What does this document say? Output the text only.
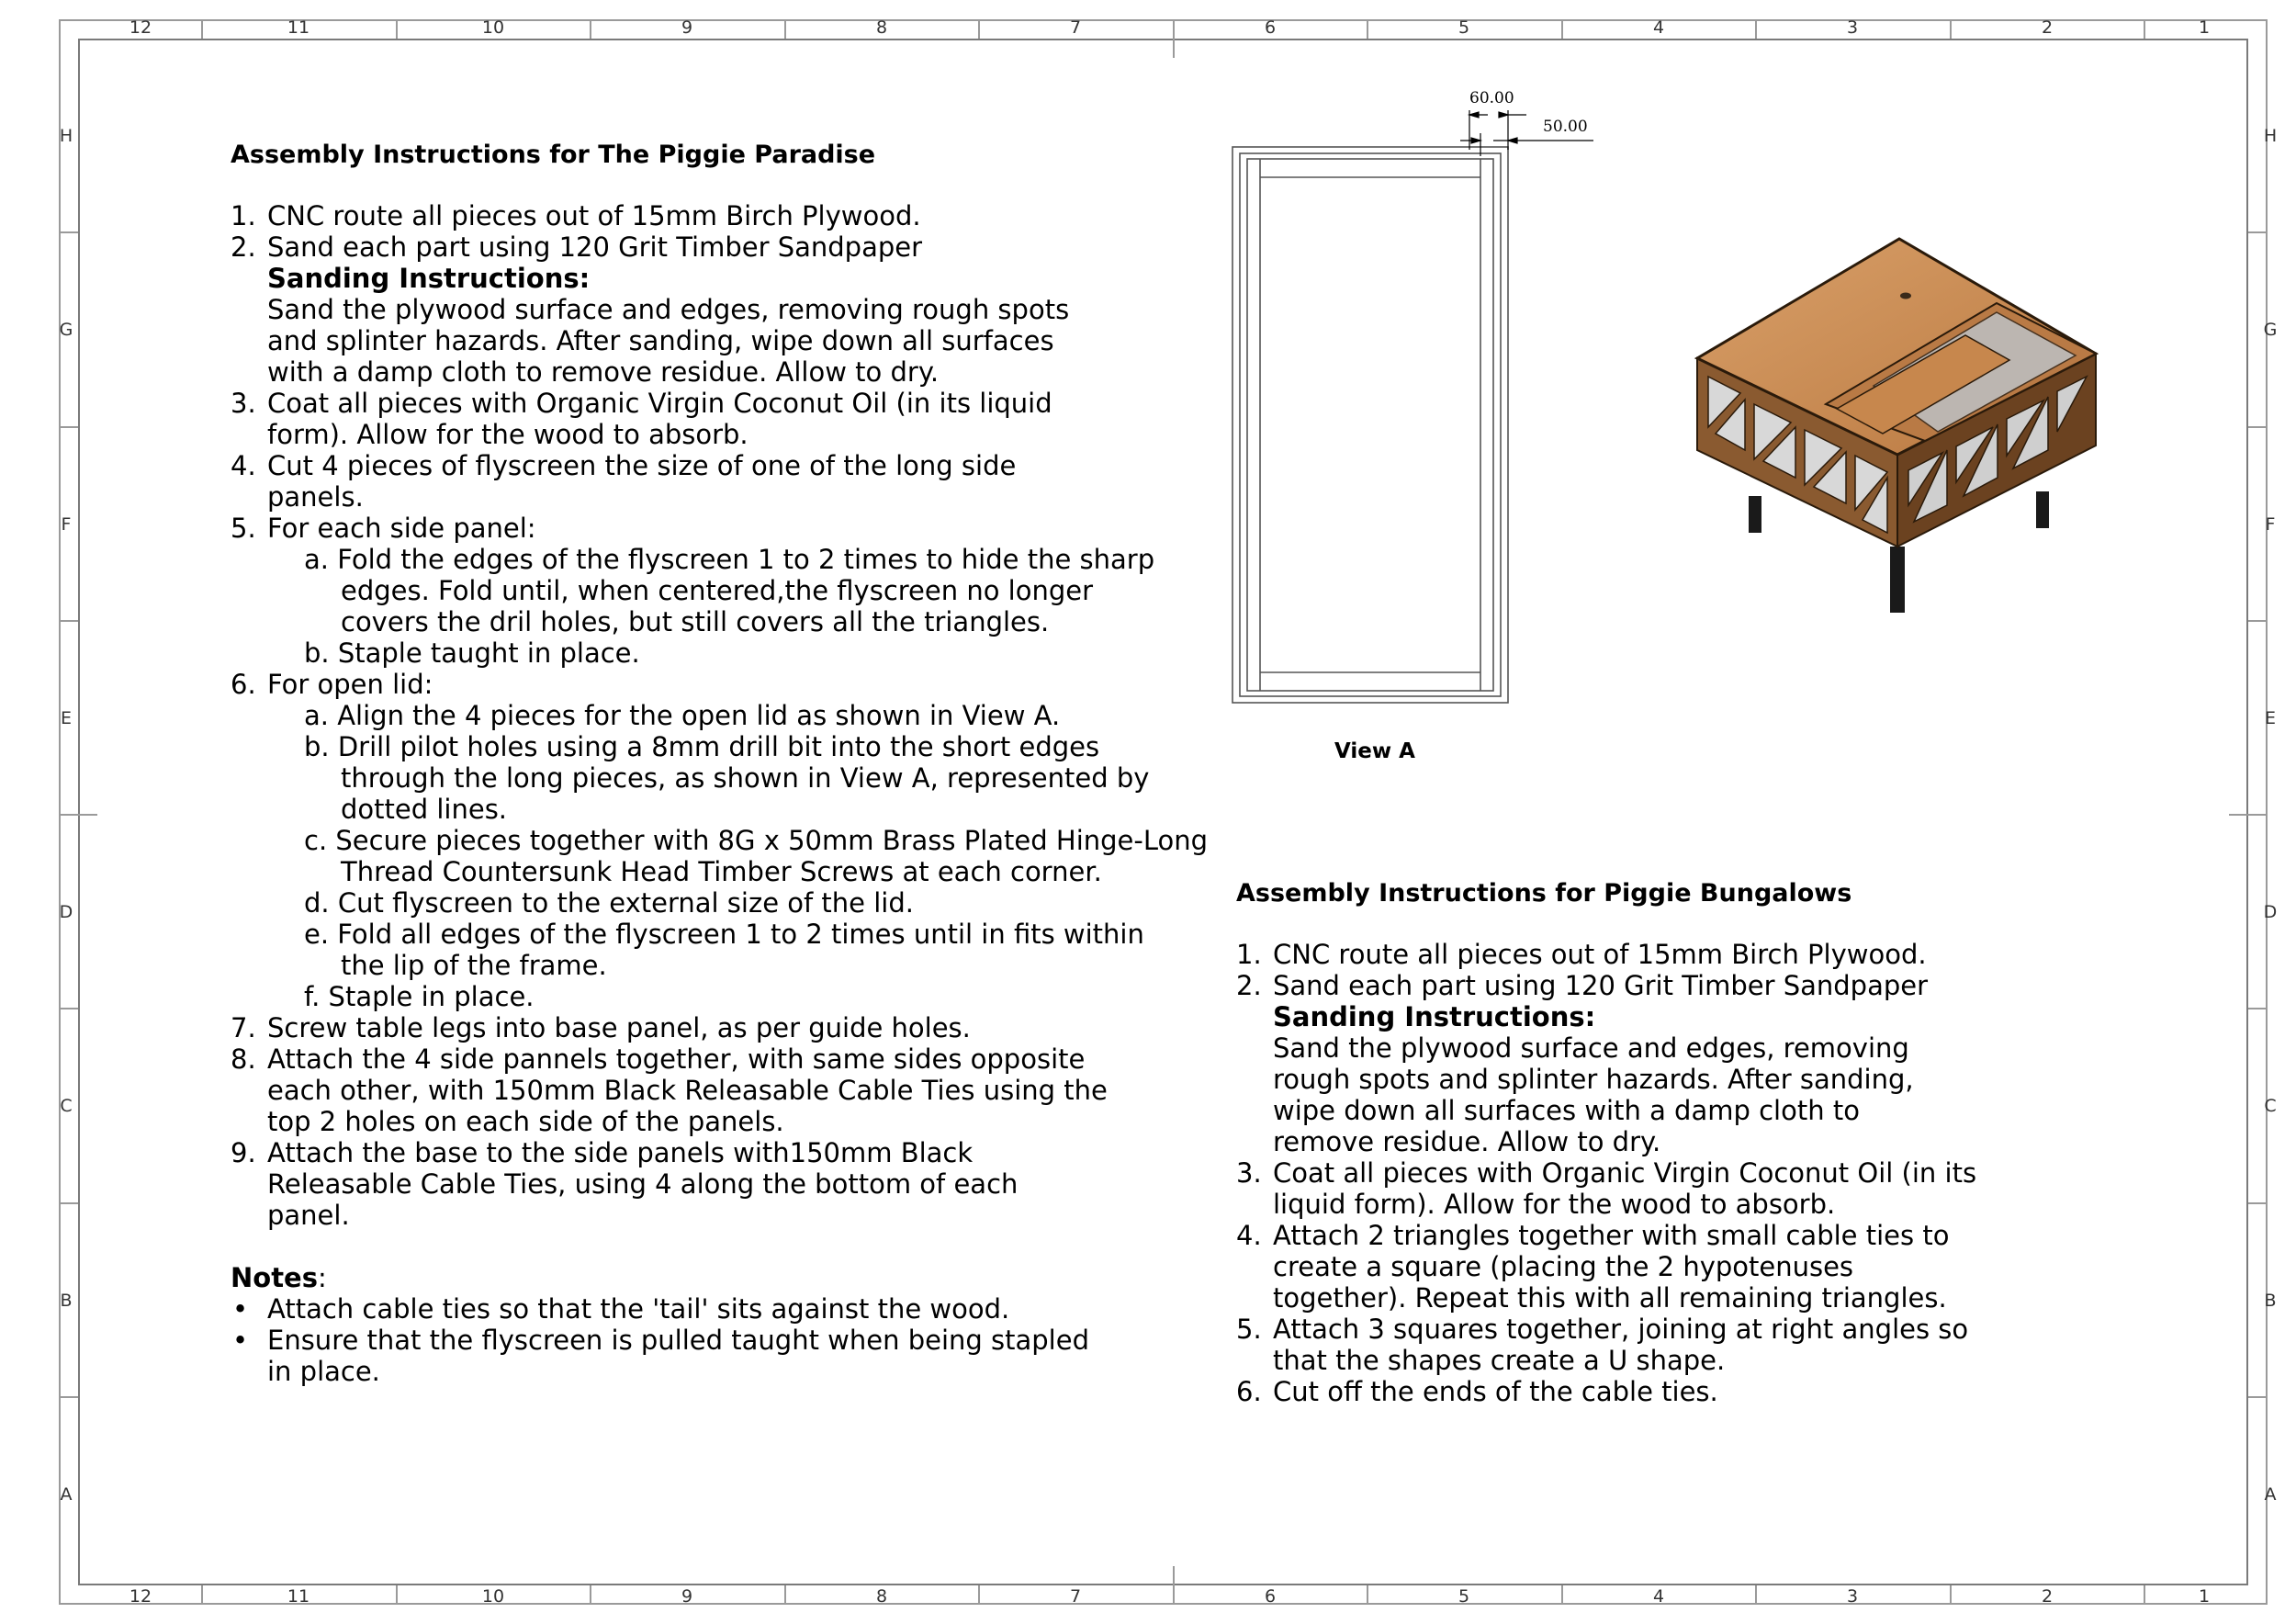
12	11	10	9	8	7	6	5	4	3	2	1
12	11	10	9	8	7	6	5	4	3	2	1
H
G
F
E
D
C
B
A
H
G
F
E
D
C
B
A

Assembly Instructions for The Piggie Paradise

1. CNC route all pieces out of 15mm Birch Plywood.
2. Sand each part using 120 Grit Timber Sandpaper
Sanding Instructions:
Sand the plywood surface and edges, removing rough spots and splinter hazards. After sanding, wipe down all surfaces with a damp cloth to remove residue. Allow to dry.
3. Coat all pieces with Organic Virgin Coconut Oil (in its liquid form). Allow for the wood to absorb.
4. Cut 4 pieces of flyscreen the size of one of the long side panels.
5. For each side panel:
a. Fold the edges of the flyscreen 1 to 2 times to hide the sharp edges. Fold until, when centered,the flyscreen no longer covers the dril holes, but still covers all the triangles.
b. Staple taught in place.
6. For open lid:
a. Align the 4 pieces for the open lid as shown in View A.
b. Drill pilot holes using a 8mm drill bit into the short edges through the long pieces, as shown in View A, represented by dotted lines.
c. Secure pieces together with 8G x 50mm Brass Plated Hinge-Long Thread Countersunk Head Timber Screws at each corner.
d. Cut flyscreen to the external size of the lid.
e. Fold all edges of the flyscreen 1 to 2 times until in fits within the lip of the frame.
f. Staple in place.
7. Screw table legs into base panel, as per guide holes.
8. Attach the 4 side pannels together, with same sides opposite each other, with 150mm Black Releasable Cable Ties using the top 2 holes on each side of the panels.
9. Attach the base to the side panels with150mm Black Releasable Cable Ties, using 4 along the bottom of each panel.
Notes:
• Attach cable ties so that the 'tail' sits against the wood.
• Ensure that the flyscreen is pulled taught when being stapled in place.
60.00
50.00
View A

Assembly Instructions for Piggie Bungalows

1. CNC route all pieces out of 15mm Birch Plywood.
2. Sand each part using 120 Grit Timber Sandpaper
Sanding Instructions:
Sand the plywood surface and edges, removing rough spots and splinter hazards. After sanding, wipe down all surfaces with a damp cloth to remove residue. Allow to dry.
3. Coat all pieces with Organic Virgin Coconut Oil (in its liquid form). Allow for the wood to absorb.
4. Attach 2 triangles together with small cable ties to create a square (placing the 2 hypotenuses together). Repeat this with all remaining triangles.
5. Attach 3 squares together, joining at right angles so that the shapes create a U shape.
6. Cut off the ends of the cable ties.
